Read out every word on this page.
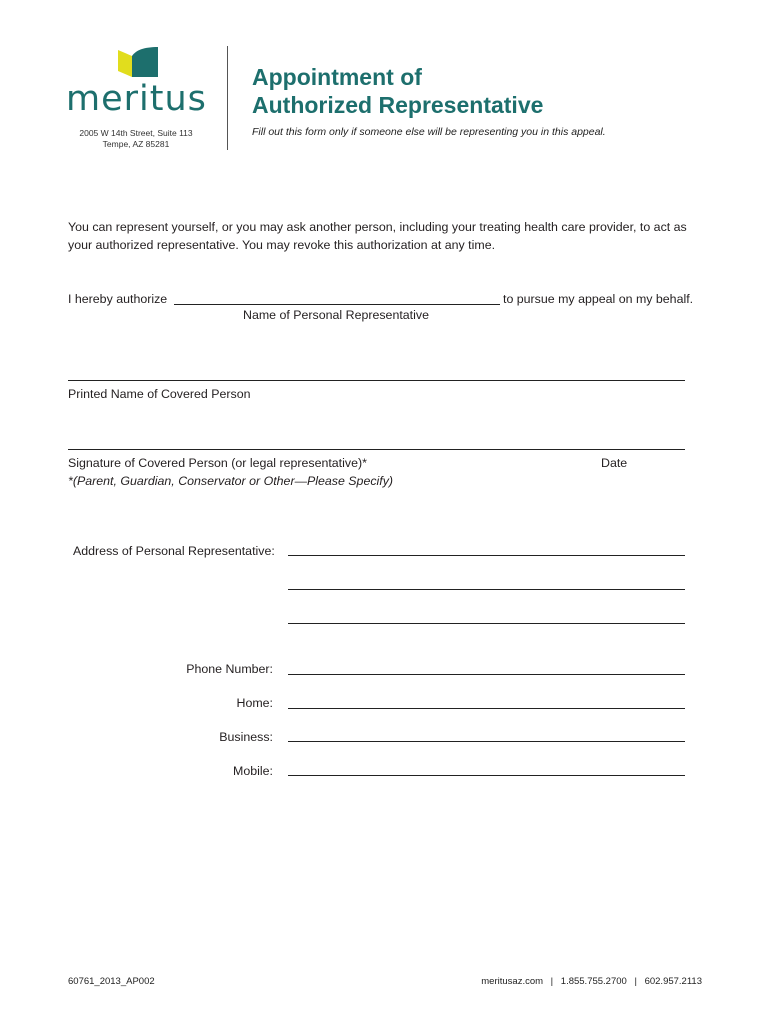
meritus
2005 W 14th Street, Suite 113
Tempe, AZ 85281
Appointment of
Authorized Representative
Fill out this form only if someone else will be representing you in this appeal.
You can represent yourself, or you may ask another person, including your treating health care provider, to act as your authorized representative. You may revoke this authorization at any time.
I hereby authorize	to pursue my appeal on my behalf.
Name of Personal Representative
Printed Name of Covered Person
Signature of Covered Person (or legal representative)*	Date
*(Parent, Guardian, Conservator or Other—Please Specify)
Address of Personal Representative:
Phone Number:
Home:
Business:
Mobile:
60761_2013_AP002	meritusaz.com | 1.855.755.2700 | 602.957.2113
